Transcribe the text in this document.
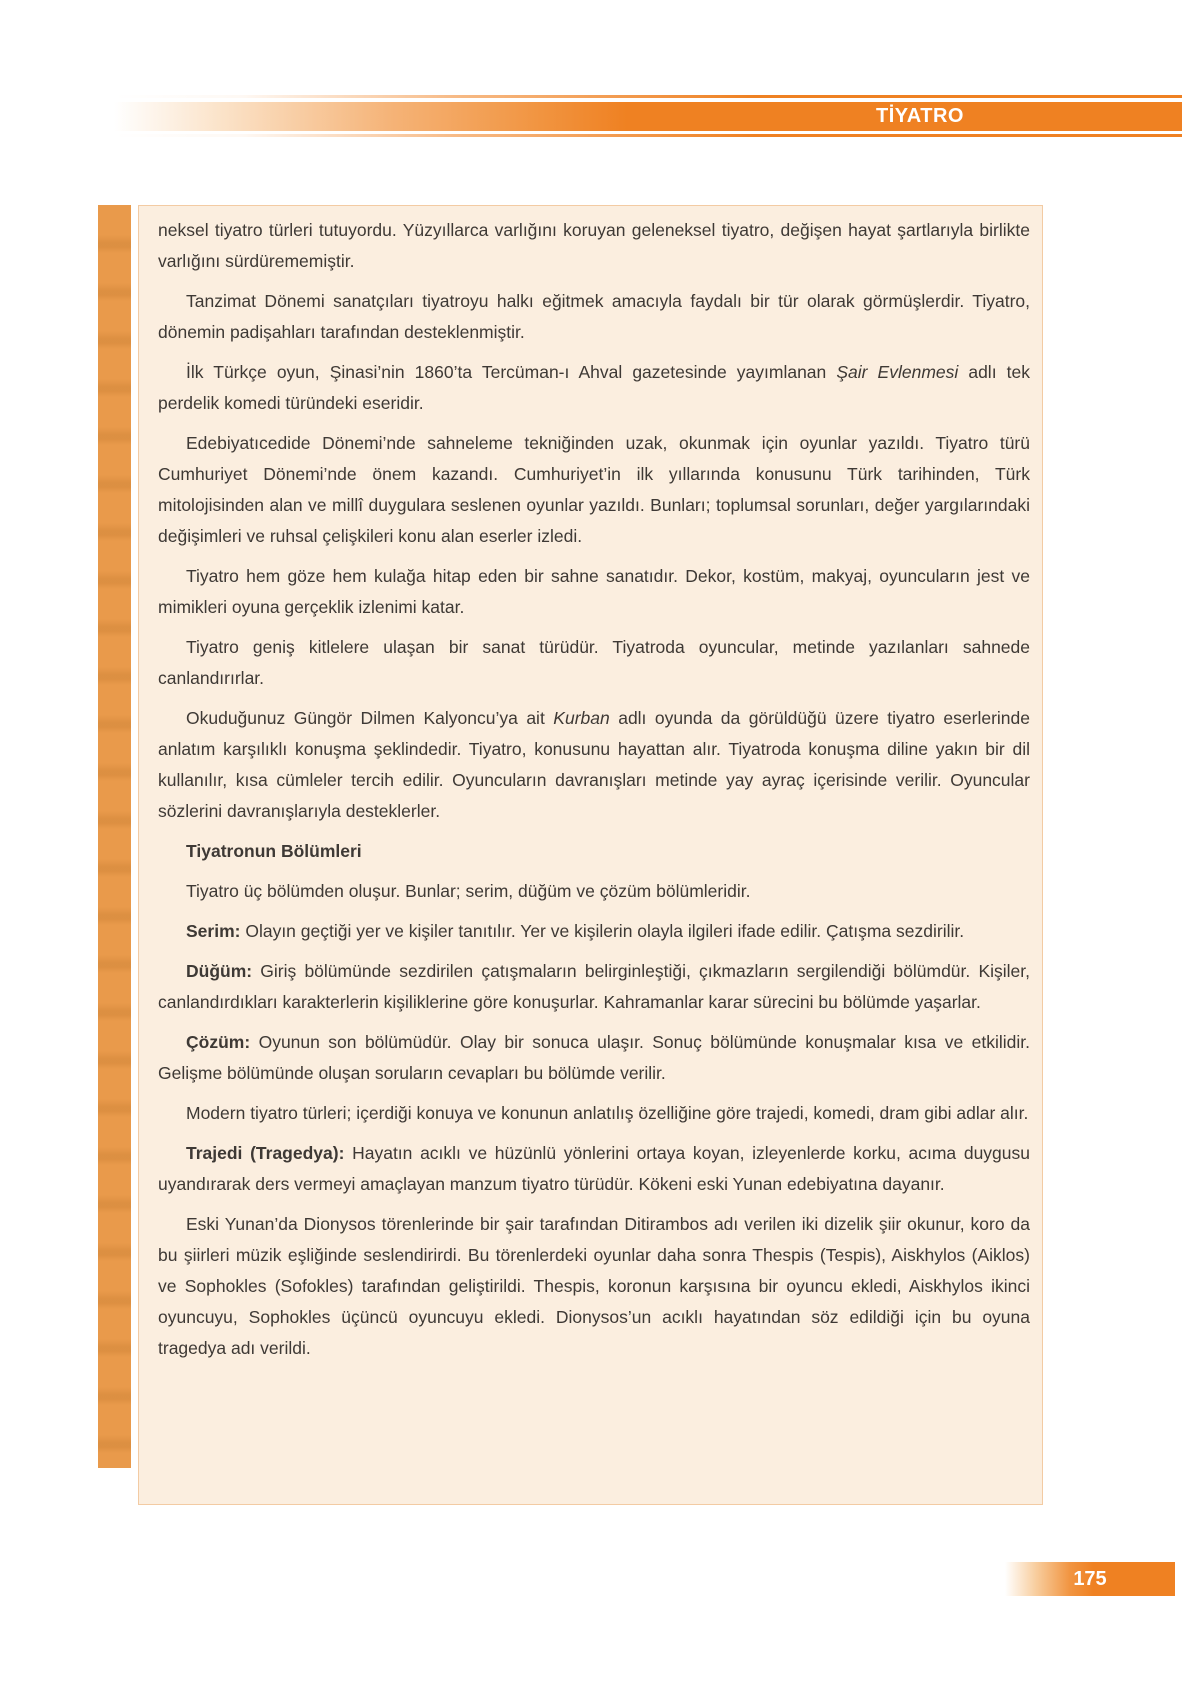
TİYATRO

neksel tiyatro türleri tutuyordu. Yüzyıllarca varlığını koruyan geleneksel tiyatro, değişen hayat şartlarıyla birlikte varlığını sürdürememiştir.

Tanzimat Dönemi sanatçıları tiyatroyu halkı eğitmek amacıyla faydalı bir tür olarak görmüşlerdir. Tiyatro, dönemin padişahları tarafından desteklenmiştir.

İlk Türkçe oyun, Şinasi’nin 1860’ta Tercüman-ı Ahval gazetesinde yayımlanan Şair Evlenmesi adlı tek perdelik komedi türündeki eseridir.

Edebiyatıcedide Dönemi’nde sahneleme tekniğinden uzak, okunmak için oyunlar yazıldı. Tiyatro türü Cumhuriyet Dönemi’nde önem kazandı. Cumhuriyet’in ilk yıllarında konusunu Türk tarihinden, Türk mitolojisinden alan ve millî duygulara seslenen oyunlar yazıldı. Bunları; toplumsal sorunları, değer yargılarındaki değişimleri ve ruhsal çelişkileri konu alan eserler izledi.

Tiyatro hem göze hem kulağa hitap eden bir sahne sanatıdır. Dekor, kostüm, makyaj, oyuncuların jest ve mimikleri oyuna gerçeklik izlenimi katar.

Tiyatro geniş kitlelere ulaşan bir sanat türüdür. Tiyatroda oyuncular, metinde yazılanları sahnede canlandırırlar.

Okuduğunuz Güngör Dilmen Kalyoncu’ya ait Kurban adlı oyunda da görüldüğü üzere tiyatro eserlerinde anlatım karşılıklı konuşma şeklindedir. Tiyatro, konusunu hayattan alır. Tiyatroda konuşma diline yakın bir dil kullanılır, kısa cümleler tercih edilir. Oyuncuların davranışları metinde yay ayraç içerisinde verilir. Oyuncular sözlerini davranışlarıyla desteklerler.

Tiyatronun Bölümleri

Tiyatro üç bölümden oluşur. Bunlar; serim, düğüm ve çözüm bölümleridir.

Serim: Olayın geçtiği yer ve kişiler tanıtılır. Yer ve kişilerin olayla ilgileri ifade edilir. Çatışma sezdirilir.

Düğüm: Giriş bölümünde sezdirilen çatışmaların belirginleştiği, çıkmazların sergilendiği bölümdür. Kişiler, canlandırdıkları karakterlerin kişiliklerine göre konuşurlar. Kahramanlar karar sürecini bu bölümde yaşarlar.

Çözüm: Oyunun son bölümüdür. Olay bir sonuca ulaşır. Sonuç bölümünde konuşmalar kısa ve etkilidir. Gelişme bölümünde oluşan soruların cevapları bu bölümde verilir.

Modern tiyatro türleri; içerdiği konuya ve konunun anlatılış özelliğine göre trajedi, komedi, dram gibi adlar alır.

Trajedi (Tragedya): Hayatın acıklı ve hüzünlü yönlerini ortaya koyan, izleyenlerde korku, acıma duygusu uyandırarak ders vermeyi amaçlayan manzum tiyatro türüdür. Kökeni eski Yunan edebiyatına dayanır.

Eski Yunan’da Dionysos törenlerinde bir şair tarafından Ditirambos adı verilen iki dizelik şiir okunur, koro da bu şiirleri müzik eşliğinde seslendirirdi. Bu törenlerdeki oyunlar daha sonra Thespis (Tespis), Aiskhylos (Aiklos) ve Sophokles (Sofokles) tarafından geliştirildi. Thespis, koronun karşısına bir oyuncu ekledi, Aiskhylos ikinci oyuncuyu, Sophokles üçüncü oyuncuyu ekledi. Dionysos’un acıklı hayatından söz edildiği için bu oyuna tragedya adı verildi.

175
